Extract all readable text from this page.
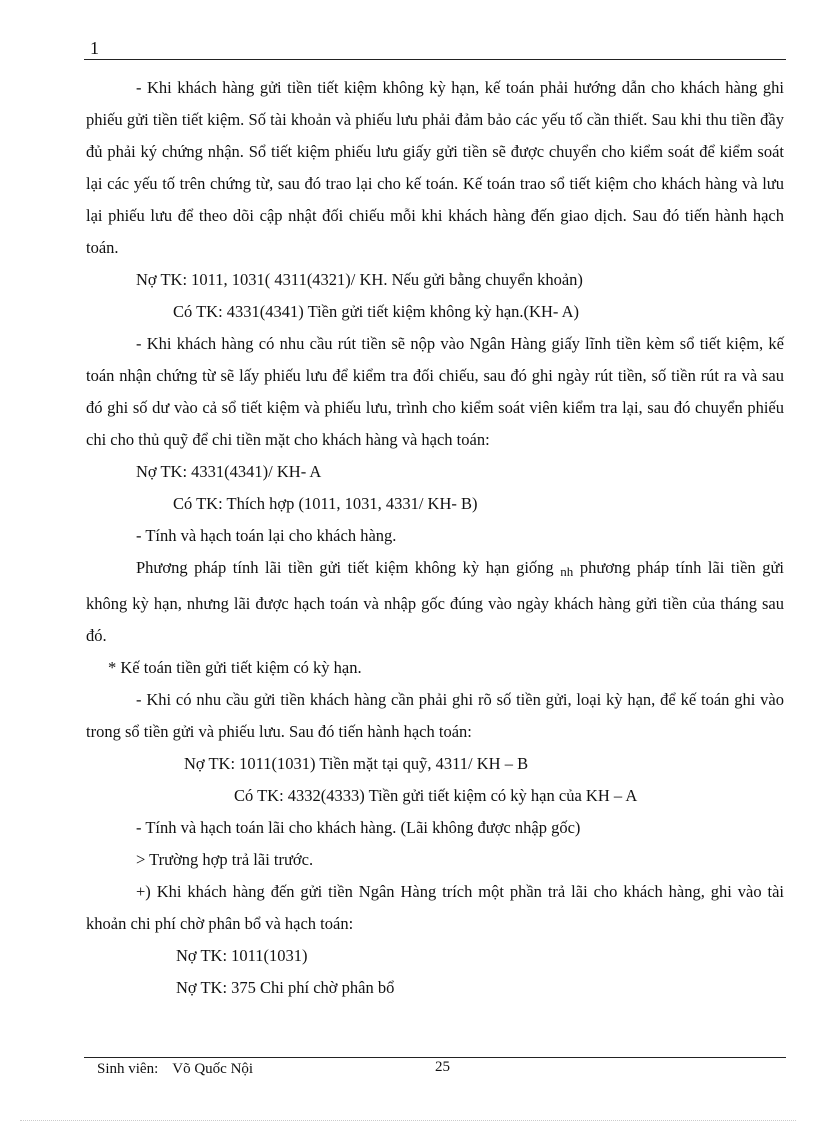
1

- Khi khách hàng gửi tiền tiết kiệm không kỳ hạn, kế toán phải hướng dẫn cho khách hàng ghi phiếu gửi tiền tiết kiệm. Số tài khoản và phiếu lưu phải đảm bảo các yếu tố cần thiết. Sau khi thu tiền đầy đủ phải ký chứng nhận. Sổ tiết kiệm phiếu lưu giấy gửi tiền sẽ được chuyển cho kiểm soát để kiểm soát lại các yếu tố trên chứng từ, sau đó trao lại cho kế toán. Kế toán trao sổ tiết kiệm cho khách hàng và lưu lại phiếu lưu để theo dõi cập nhật đối chiếu mỗi khi khách hàng đến giao dịch. Sau đó tiến hành hạch toán.

Nợ TK: 1011, 1031( 4311(4321)/ KH. Nếu gửi bằng chuyển khoản)

Có TK: 4331(4341) Tiền gửi tiết kiệm không kỳ hạn.(KH- A)

- Khi khách hàng có nhu cầu rút tiền sẽ nộp vào Ngân Hàng giấy lĩnh tiền kèm sổ tiết kiệm, kế toán nhận chứng từ sẽ lấy phiếu lưu để kiểm tra đối chiếu, sau đó ghi ngày rút tiền, số tiền rút ra và sau đó ghi số dư vào cả sổ tiết kiệm và phiếu lưu, trình cho kiểm soát viên kiểm tra lại, sau đó chuyển phiếu chi cho thủ quỹ để chi tiền mặt cho khách hàng và hạch toán:

Nợ TK: 4331(4341)/ KH- A

Có TK: Thích hợp (1011, 1031, 4331/ KH- B)

- Tính và hạch toán lại cho khách hàng.

Phương pháp tính lãi tiền gửi tiết kiệm không kỳ hạn giống $_{nh}$ phương pháp tính lãi tiền gửi không kỳ hạn, nhưng lãi được hạch toán và nhập gốc đúng vào ngày khách hàng gửi tiền của tháng sau đó.

* Kế toán tiền gửi tiết kiệm có kỳ hạn.

- Khi có nhu cầu gửi tiền khách hàng cần phải ghi rõ số tiền gửi, loại kỳ hạn, để kế toán ghi vào trong sổ tiền gửi và phiếu lưu. Sau đó tiến hành hạch toán:

Nợ TK: 1011(1031) Tiền mặt tại quỹ, 4311/ KH – B

Có TK: 4332(4333) Tiền gửi tiết kiệm có kỳ hạn của KH – A

- Tính và hạch toán lãi cho khách hàng. (Lãi không được nhập gốc)

> Trường hợp trả lãi trước.

+) Khi khách hàng đến gửi tiền Ngân Hàng trích một phần trả lãi cho khách hàng, ghi vào tài khoản chi phí chờ phân bổ và hạch toán:

Nợ TK: 1011(1031)

Nợ TK: 375 Chi phí chờ phân bổ

Sinh viên: Võ Quốc Nội	25
